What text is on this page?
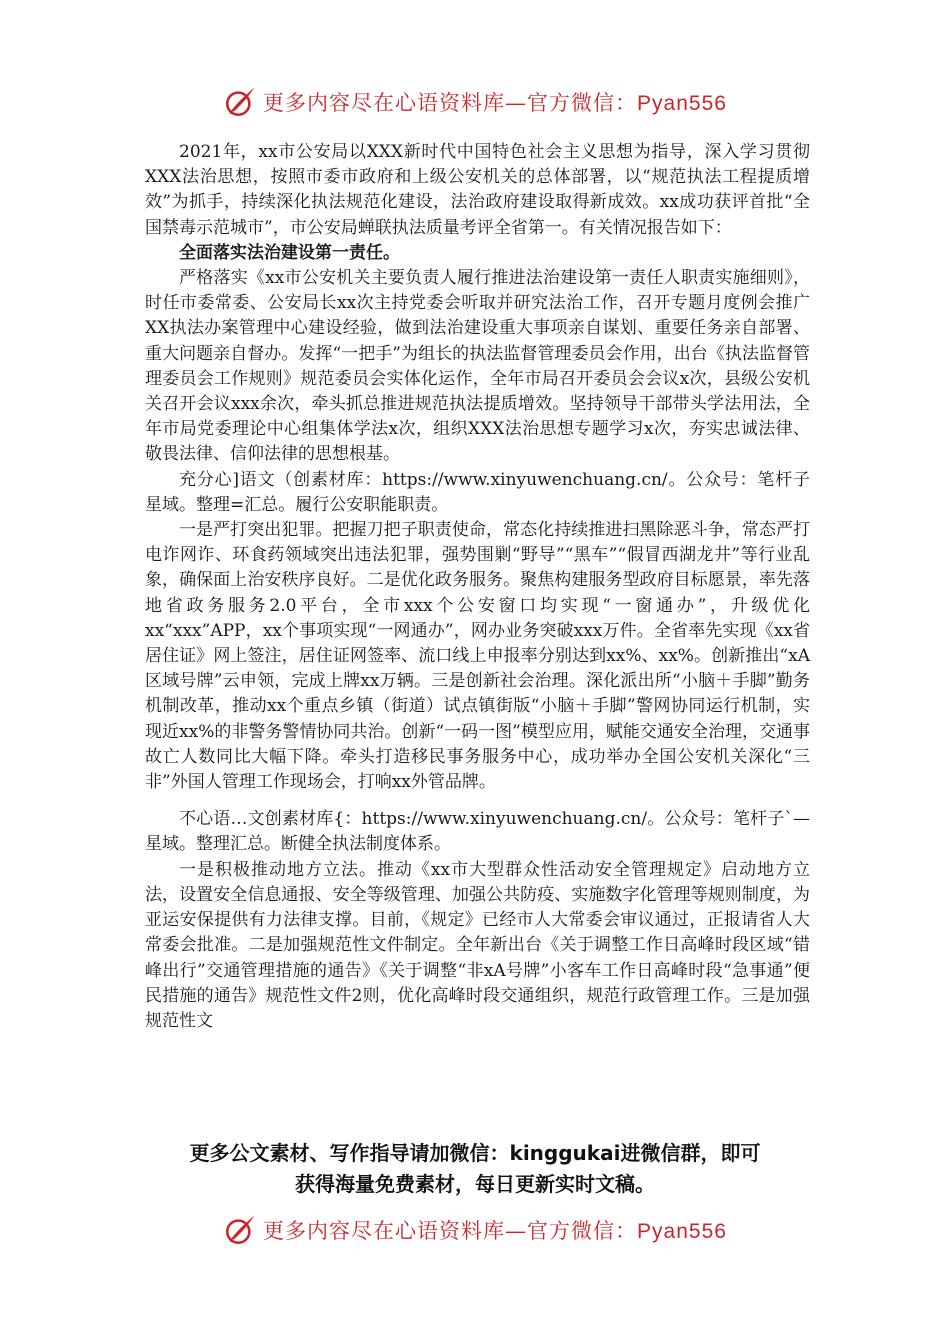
更多内容尽在心语资料库—官方微信：Pyan556

2021年，xx市公安局以XXX新时代中国特色社会主义思想为指导，深入学习贯彻XXX法治思想，按照市委市政府和上级公安机关的总体部署，以“规范执法工程提质增效”为抓手，持续深化执法规范化建设，法治政府建设取得新成效。xx成功获评首批“全国禁毒示范城市”，市公安局蝉联执法质量考评全省第一。有关情况报告如下：

全面落实法治建设第一责任。

严格落实《xx市公安机关主要负责人履行推进法治建设第一责任人职责实施细则》，时任市委常委、公安局长xx次主持党委会听取并研究法治工作，召开专题月度例会推广XX执法办案管理中心建设经验，做到法治建设重大事项亲自谋划、重要任务亲自部署、重大问题亲自督办。发挥“一把手”为组长的执法监督管理委员会作用，出台《执法监督管理委员会工作规则》规范委员会实体化运作，全年市局召开委员会会议x次，县级公安机关召开会议xxx余次，牵头抓总推进规范执法提质增效。坚持领导干部带头学法用法，全年市局党委理论中心组集体学法x次，组织XXX法治思想专题学习x次，夯实忠诚法律、敬畏法律、信仰法律的思想根基。

充分心]语文（创素材库：https://www.xinyuwenchuang.cn/。公众号：笔杆子星域。整理=汇总。履行公安职能职责。

一是严打突出犯罪。把握刀把子职责使命，常态化持续推进扫黑除恶斗争，常态严打电诈网诈、环食药领域突出违法犯罪，强势围剿“野导”“黑车”“假冒西湖龙井”等行业乱象，确保面上治安秩序良好。二是优化政务服务。聚焦构建服务型政府目标愿景，率先落地省政务服务2.0平台，全市xxx个公安窗口均实现“一窗通办”，升级优化xx“xxx”APP，xx个事项实现“一网通办”，网办业务突破xxx万件。全省率先实现《xx省居住证》网上签注，居住证网签率、流口线上申报率分别达到xx%、xx%。创新推出“xA区域号牌”云申领，完成上牌xx万辆。三是创新社会治理。深化派出所“小脑＋手脚”勤务机制改革，推动xx个重点乡镇（街道）试点镇街版“小脑＋手脚”警网协同运行机制，实现近xx%的非警务警情协同共治。创新“一码一图”模型应用，赋能交通安全治理，交通事故亡人数同比大幅下降。牵头打造移民事务服务中心，成功举办全国公安机关深化“三非”外国人管理工作现场会，打响xx外管品牌。

不心语…文创素材库{：https://www.xinyuwenchuang.cn/。公众号：笔杆子`—星域。整理汇总。断健全执法制度体系。

一是积极推动地方立法。推动《xx市大型群众性活动安全管理规定》启动地方立法，设置安全信息通报、安全等级管理、加强公共防疫、实施数字化管理等规则制度，为亚运安保提供有力法律支撑。目前，《规定》已经市人大常委会审议通过，正报请省人大常委会批准。二是加强规范性文件制定。全年新出台《关于调整工作日高峰时段区域“错峰出行”交通管理措施的通告》《关于调整“非xA号牌”小客车工作日高峰时段“急事通”便民措施的通告》规范性文件2则，优化高峰时段交通组织，规范行政管理工作。三是加强规范性文

更多公文素材、写作指导请加微信：kinggukai进微信群，即可
获得海量免费素材，每日更新实时文稿。
更多内容尽在心语资料库—官方微信：Pyan556
